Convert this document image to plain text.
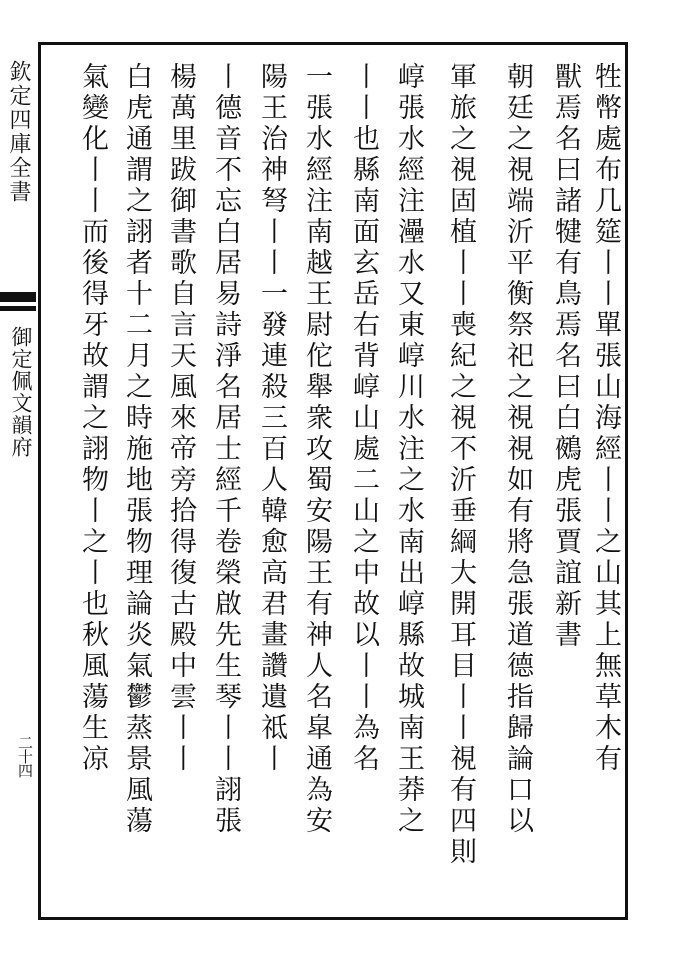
欽定四庫全書
御定佩文韻府
二十四	牲幣處布几筵丨丨單張山海經丨丨之山其上無草木有
獸焉名曰諸犍有鳥焉名曰白鵺虎張賈誼新書
朝廷之視端沂平衡祭祀之視視如有將急張道德指歸論口以
軍旅之視固植丨丨喪紀之視不沂垂綱大開耳目丨丨視有四則
崞張水經注灅水又東崞川水注之水南出崞縣故城南王莽之
丨丨也縣南面玄岳右背崞山處二山之中故以丨丨為名
一張水經注南越王尉佗舉衆攻蜀安陽王有神人名皐通為安
陽王治神弩丨丨一發連殺三百人韓愈高君畫讚遺祗丨
丨德音不忘白居易詩淨名居士經千卷榮啟先生琴丨丨詡張
楊萬里跋御書歌自言天風來帝旁拾得復古殿中雲丨丨
白虎通謂之詡者十二月之時施地張物理論炎氣鬱蒸景風蕩
氣變化丨丨而後得牙故謂之詡物丨之丨也秋風蕩生凉
